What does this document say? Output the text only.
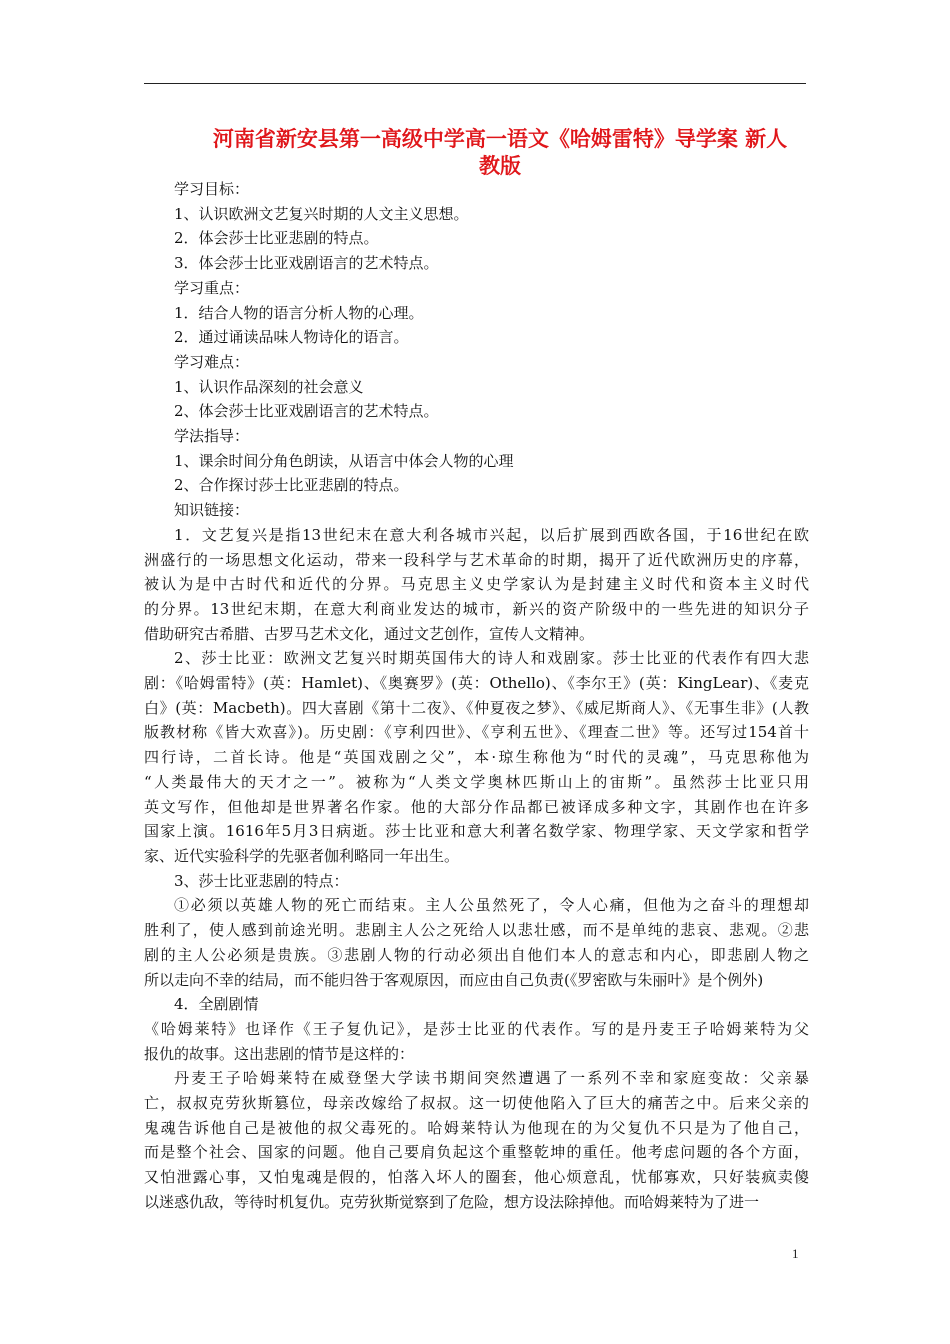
河南省新安县第一高级中学高一语文《哈姆雷特》导学案 新人
教版
学习目标：
1、认识欧洲文艺复兴时期的人文主义思想。
2．体会莎士比亚悲剧的特点。
3．体会莎士比亚戏剧语言的艺术特点。
学习重点：
1．结合人物的语言分析人物的心理。
2．通过诵读品味人物诗化的语言。
学习难点：
1、认识作品深刻的社会意义
2、体会莎士比亚戏剧语言的艺术特点。
学法指导：
1、课余时间分角色朗读，从语言中体会人物的心理
2、合作探讨莎士比亚悲剧的特点。
知识链接：
1．文艺复兴是指13世纪末在意大利各城市兴起，以后扩展到西欧各国，于16世纪在欧
洲盛行的一场思想文化运动，带来一段科学与艺术革命的时期，揭开了近代欧洲历史的序幕，
被认为是中古时代和近代的分界。马克思主义史学家认为是封建主义时代和资本主义时代
的分界。13世纪末期，在意大利商业发达的城市，新兴的资产阶级中的一些先进的知识分子
借助研究古希腊、古罗马艺术文化，通过文艺创作，宣传人文精神。
2、莎士比亚：欧洲文艺复兴时期英国伟大的诗人和戏剧家。莎士比亚的代表作有四大悲
剧：《哈姆雷特》(英：Hamlet)、《奥赛罗》(英：Othello)、《李尔王》(英：KingLear)、《麦克
白》(英：Macbeth)。四大喜剧《第十二夜》、《仲夏夜之梦》、《威尼斯商人》、《无事生非》(人教
版教材称《皆大欢喜》)。历史剧：《亨利四世》、《亨利五世》、《理查二世》等。还写过154首十
四行诗，二首长诗。他是“英国戏剧之父”，本·琼生称他为“时代的灵魂”，马克思称他为
“人类最伟大的天才之一”。被称为“人类文学奥林匹斯山上的宙斯”。虽然莎士比亚只用
英文写作，但他却是世界著名作家。他的大部分作品都已被译成多种文字，其剧作也在许多
国家上演。1616年5月3日病逝。莎士比亚和意大利著名数学家、物理学家、天文学家和哲学
家、近代实验科学的先驱者伽利略同一年出生。
3、莎士比亚悲剧的特点：
①必须以英雄人物的死亡而结束。主人公虽然死了，令人心痛，但他为之奋斗的理想却
胜利了，使人感到前途光明。悲剧主人公之死给人以悲壮感，而不是单纯的悲哀、悲观。②悲
剧的主人公必须是贵族。③悲剧人物的行动必须出自他们本人的意志和内心，即悲剧人物之
所以走向不幸的结局，而不能归咎于客观原因，而应由自己负责(《罗密欧与朱丽叶》是个例外)
4．全剧剧情
《哈姆莱特》也译作《王子复仇记》，是莎士比亚的代表作。写的是丹麦王子哈姆莱特为父
报仇的故事。这出悲剧的情节是这样的：
丹麦王子哈姆莱特在威登堡大学读书期间突然遭遇了一系列不幸和家庭变故：父亲暴
亡，叔叔克劳狄斯篡位，母亲改嫁给了叔叔。这一切使他陷入了巨大的痛苦之中。后来父亲的
鬼魂告诉他自己是被他的叔父毒死的。哈姆莱特认为他现在的为父复仇不只是为了他自己，
而是整个社会、国家的问题。他自己要肩负起这个重整乾坤的重任。他考虑问题的各个方面，
又怕泄露心事，又怕鬼魂是假的，怕落入坏人的圈套，他心烦意乱，忧郁寡欢，只好装疯卖傻
以迷惑仇敌，等待时机复仇。克劳狄斯觉察到了危险，想方设法除掉他。而哈姆莱特为了进一
1
